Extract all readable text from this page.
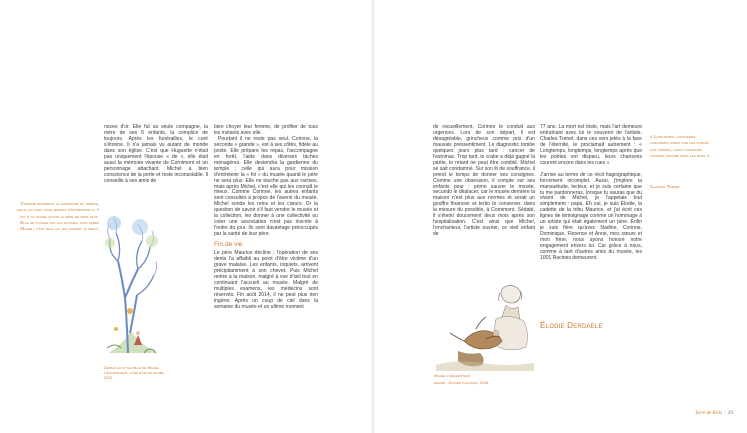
Corinne deviendra la gardienne du temple, celle qui aura pour mission d'entretenir la « foi » du musée quand le père ne sera plus. Elle ne touche pas aux racines, mais après Michel, c'est elle qui les connaît le mieux.

noces d'or. Elle fut sa seule compagne, la mère de ses 6 enfants, la complice de toujours. Après les funérailles, le curé s'étonne. Il n'a jamais vu autant de monde dans son église. C'est que Huguette n'était pas uniquement l'épouse « de », elle était aussi la mémoire vivante de Cornimont et un personnage attachant. Michel a bien conscience de la perte et reste inconsolable. Il conseille à ses amis de

Dessin au style bille de Michel l'enchanteur, livre d'or du musée, 2011.

bien choyer leur femme, de profiter de tous les instants avec elle.

Pourtant il ne reste pas seul. Corinne, la seconde « grande », est à ses côtés, fidèle au poste. Elle prépare les repas, l'accompagne en forêt, l'aide dans diverses tâches ménagères. Elle deviendra la gardienne du temple ; celle qui aura pour mission d'entretenir la « foi » du musée quand le père ne sera plus. Elle ne touche pas aux racines, mais après Michel, c'est elle qui les connaît le mieux. Comme Corinne, les autres enfants sont consultés à propos de l'avenir du musée. Michel sonde les reins et les cœurs. Or la question de savoir s'il faut vendre le musée et la collection, les donner à une collectivité ou créer une association n'est pas inscrite à l'ordre du jour. Ils sont davantage préoccupés par la santé de leur père.

Fin de vie

Le père Maurice décline ; l'opération de ses dents l'a affaibli au point d'être victime d'un grave malaise. Les enfants, inquiets, arrivent précipitamment à son chevet. Puis Michel rentre à la maison, malgré à vue d'œil tout en continuant l'accueil au musée. Malgré de multiples examens, les médecins sont réservés. Fin août 2014, il ne peut plus rien ingérer. Après un coup de ciel dans la semaine du musée et un ultime moment

de recueillement, Corinne le conduit aux urgences. Lors de son départ, il est désagréable, grincheux comme pris d'un mauvais pressentiment. Le diagnostic tombe quelques jours plus tard : cancer de l'estomac. Trop tard, le crabe a déjà gagné la partie, le retard ne peut être comblé. Michel se sait condamné. Sur son lit de souffrance, il prend le temps de donner ses consignes. Comme une obsession, il compte sur ses enfants pour : primo sauver le musée, secundo le déplacer, car le musée dernière la maison n'est plus aux normes et serait un gouffre financier et tertio le conserver, dans la mesure du possible, à Cornimont. Sédaté, il s'éteint doucement deux mois après son hospitalisation. C'est ainsi que Michel, l'enchanteur, l'artiste ouvrier, ce vieil enfant de

Michel l'enchanteur

dessin : Olivier Claudon, 2016

77 ans. La mort est triste, mais l'art demeure entraînant avec lui le souvenir de l'artiste. Charles Trenet, dans ces vers jetés à la face de l'éternité, le proclamait autrement : « Longtemps, longtemps, longtemps après que les poètes ont disparu, leurs chansons courent encore dans les rues ».

J'arrive au terme de ce récit hagiographique, forcément incomplet. Aussi, j'implore ta mansuétude, lecteur, et je suis certaine que tu me pardonneras, lorsque tu sauras que du vivant de Michel, je l'appelais tout simplement : papa. Eh oui, je suis Élodie, la cadette de la tribu Maurice, et j'ai écrit ces lignes de témoignage comme un hommage à un artiste qui était également un père. Enfin je suis fière qu'avec Nadine, Corinne, Dominique, Florence et Anne, mes sœurs et mon frère, nous ayons honoré notre engagement envers lui. Car grâce à nous, comme à tant d'autres amis du musée, les 1001 Racines demeurent.

Élodie Derdaele

« Longtemps, longtemps, longtemps après que les poètes ont disparu, leurs chansons courent encore dans les rues ».

Charles Trenet

Terre de Brâs / 29
